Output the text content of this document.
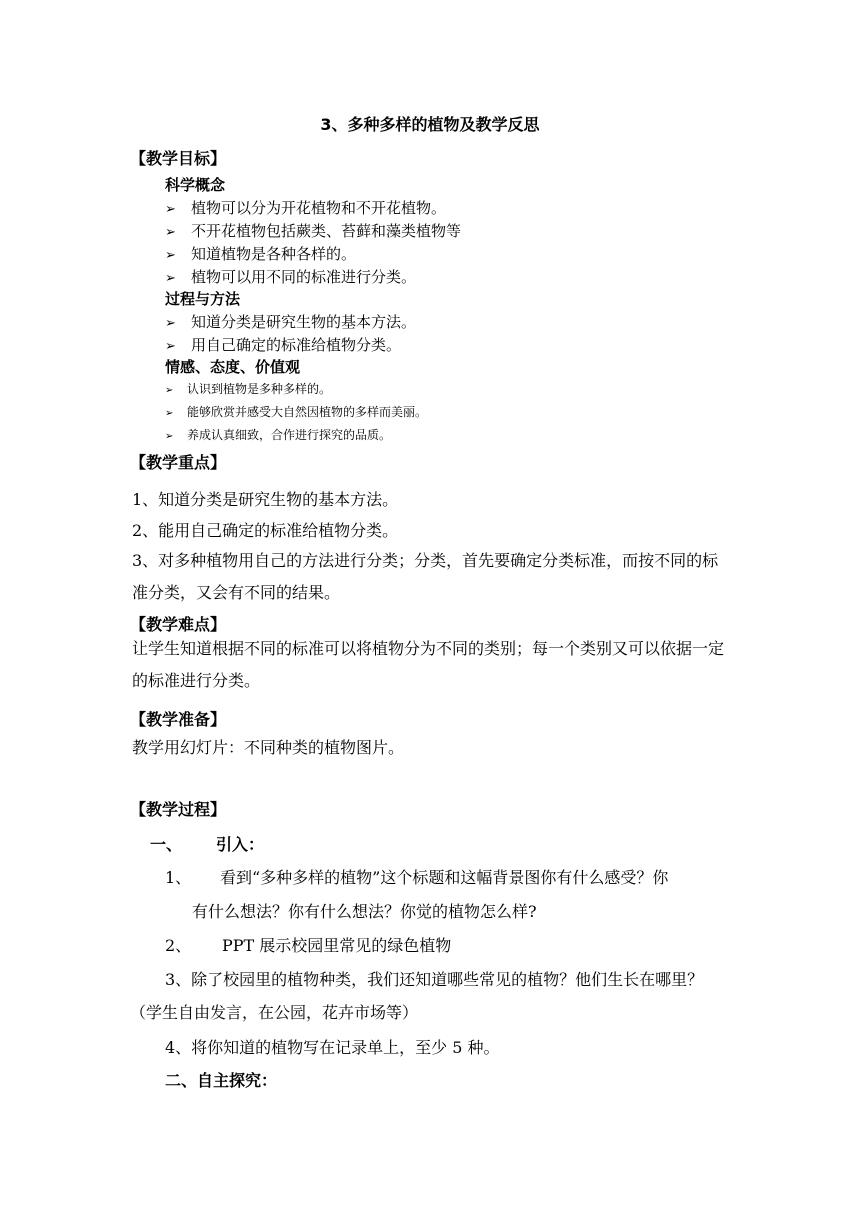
3、多种多样的植物及教学反思
【教学目标】
科学概念
➢ 植物可以分为开花植物和不开花植物。
➢ 不开花植物包括蕨类、苔藓和藻类植物等
➢ 知道植物是各种各样的。
➢ 植物可以用不同的标准进行分类。
过程与方法
➢ 知道分类是研究生物的基本方法。
➢ 用自己确定的标准给植物分类。
情感、态度、价值观
➢ 认识到植物是多种多样的。
➢ 能够欣赏并感受大自然因植物的多样而美丽。
➢ 养成认真细致，合作进行探究的品质。
【教学重点】
1、知道分类是研究生物的基本方法。
2、能用自己确定的标准给植物分类。
3、对多种植物用自己的方法进行分类；分类，首先要确定分类标准，而按不同的标准分类，又会有不同的结果。
【教学难点】
让学生知道根据不同的标准可以将植物分为不同的类别；每一个类别又可以依据一定的标准进行分类。
【教学准备】
教学用幻灯片：不同种类的植物图片。
【教学过程】
一、 引入：
1、 看到“多种多样的植物”这个标题和这幅背景图你有什么感受？你
有什么想法？你有什么想法？你觉的植物怎么样?
2、 PPT 展示校园里常见的绿色植物
3、除了校园里的植物种类，我们还知道哪些常见的植物？他们生长在哪里？
（学生自由发言，在公园，花卉市场等）
4、将你知道的植物写在记录单上，至少 5 种。
二、自主探究：
